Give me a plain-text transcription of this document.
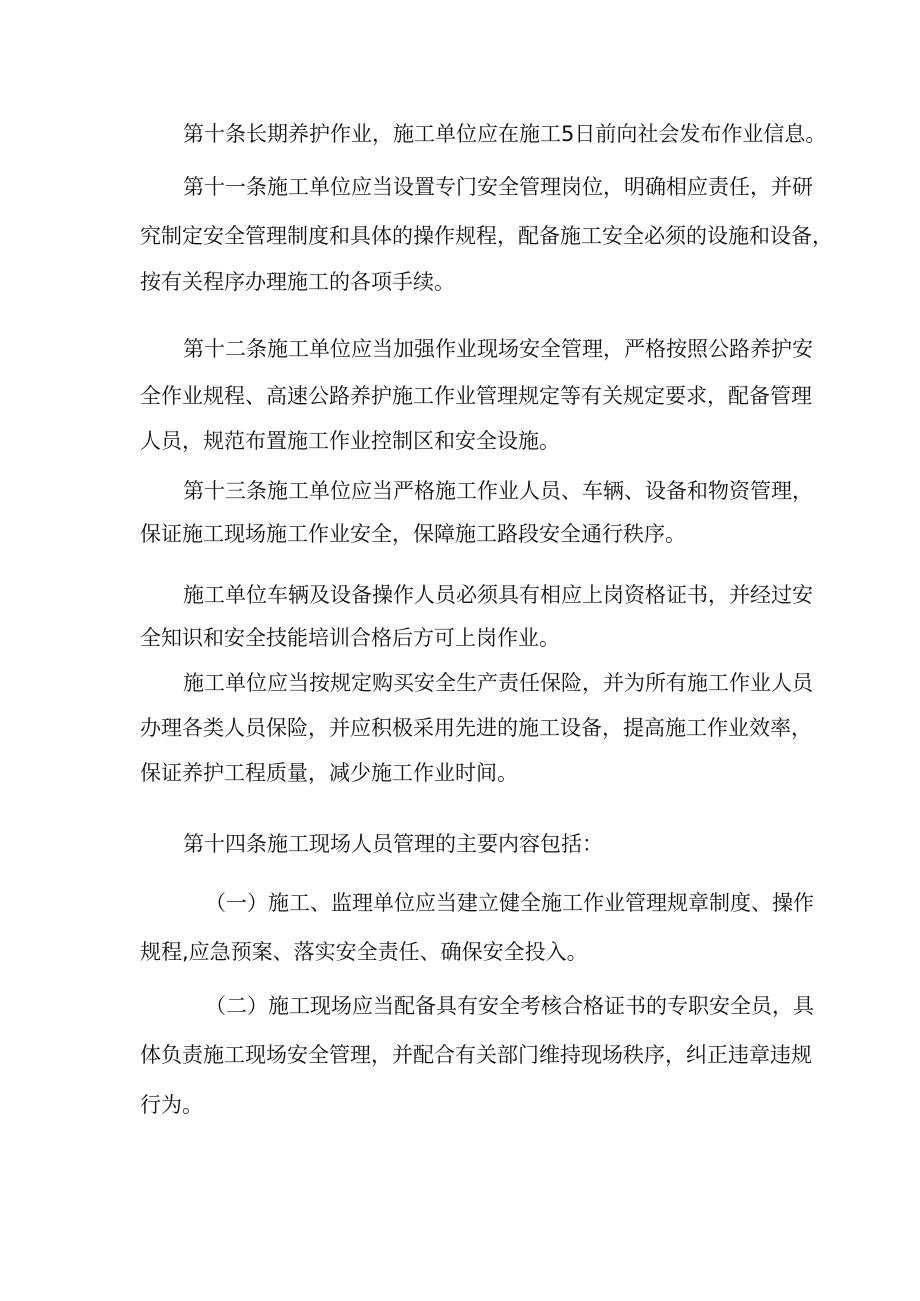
第十条长期养护作业，施工单位应在施工5日前向社会发布作业信息。
第十一条施工单位应当设置专门安全管理岗位，明确相应责任，并研
究制定安全管理制度和具体的操作规程，配备施工安全必须的设施和设备，
按有关程序办理施工的各项手续。
第十二条施工单位应当加强作业现场安全管理，严格按照公路养护安
全作业规程、高速公路养护施工作业管理规定等有关规定要求，配备管理
人员，规范布置施工作业控制区和安全设施。
第十三条施工单位应当严格施工作业人员、车辆、设备和物资管理，
保证施工现场施工作业安全，保障施工路段安全通行秩序。
施工单位车辆及设备操作人员必须具有相应上岗资格证书，并经过安
全知识和安全技能培训合格后方可上岗作业。
施工单位应当按规定购买安全生产责任保险，并为所有施工作业人员
办理各类人员保险，并应积极采用先进的施工设备，提高施工作业效率，
保证养护工程质量，减少施工作业时间。
第十四条施工现场人员管理的主要内容包括：
（一）施工、监理单位应当建立健全施工作业管理规章制度、操作
规程,应急预案、落实安全责任、确保安全投入。
（二）施工现场应当配备具有安全考核合格证书的专职安全员，具
体负责施工现场安全管理，并配合有关部门维持现场秩序，纠正违章违规
行为。
